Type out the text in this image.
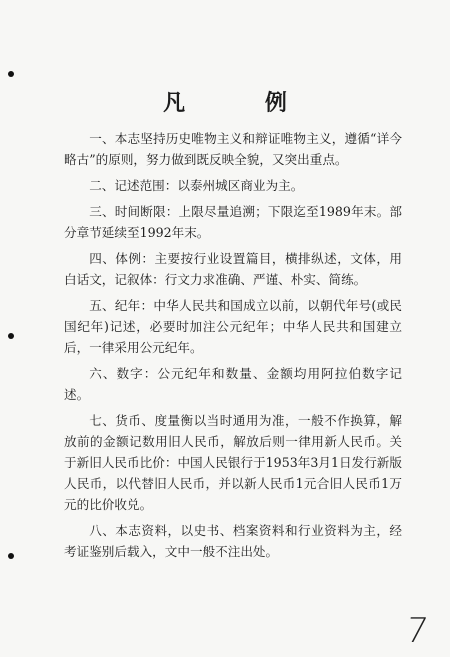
凡 例

一、本志坚持历史唯物主义和辩证唯物主义，遵循“详今略古”的原则，努力做到既反映全貌，又突出重点。

二、记述范围：以泰州城区商业为主。

三、时间断限：上限尽量追溯；下限迄至1989年末。部分章节延续至1992年末。

四、体例：主要按行业设置篇目，横排纵述，文体，用白话文，记叙体：行文力求准确、严谨、朴实、简练。

五、纪年：中华人民共和国成立以前，以朝代年号(或民国纪年)记述，必要时加注公元纪年；中华人民共和国建立后，一律采用公元纪年。

六、数字：公元纪年和数量、金额均用阿拉伯数字记述。

七、货币、度量衡以当时通用为准，一般不作换算，解放前的金额记数用旧人民币，解放后则一律用新人民币。关于新旧人民币比价：中国人民银行于1953年3月1日发行新版人民币，以代替旧人民币，并以新人民币1元合旧人民币1万元的比价收兑。

八、本志资料，以史书、档案资料和行业资料为主，经考证鉴别后载入，文中一般不注出处。

7
